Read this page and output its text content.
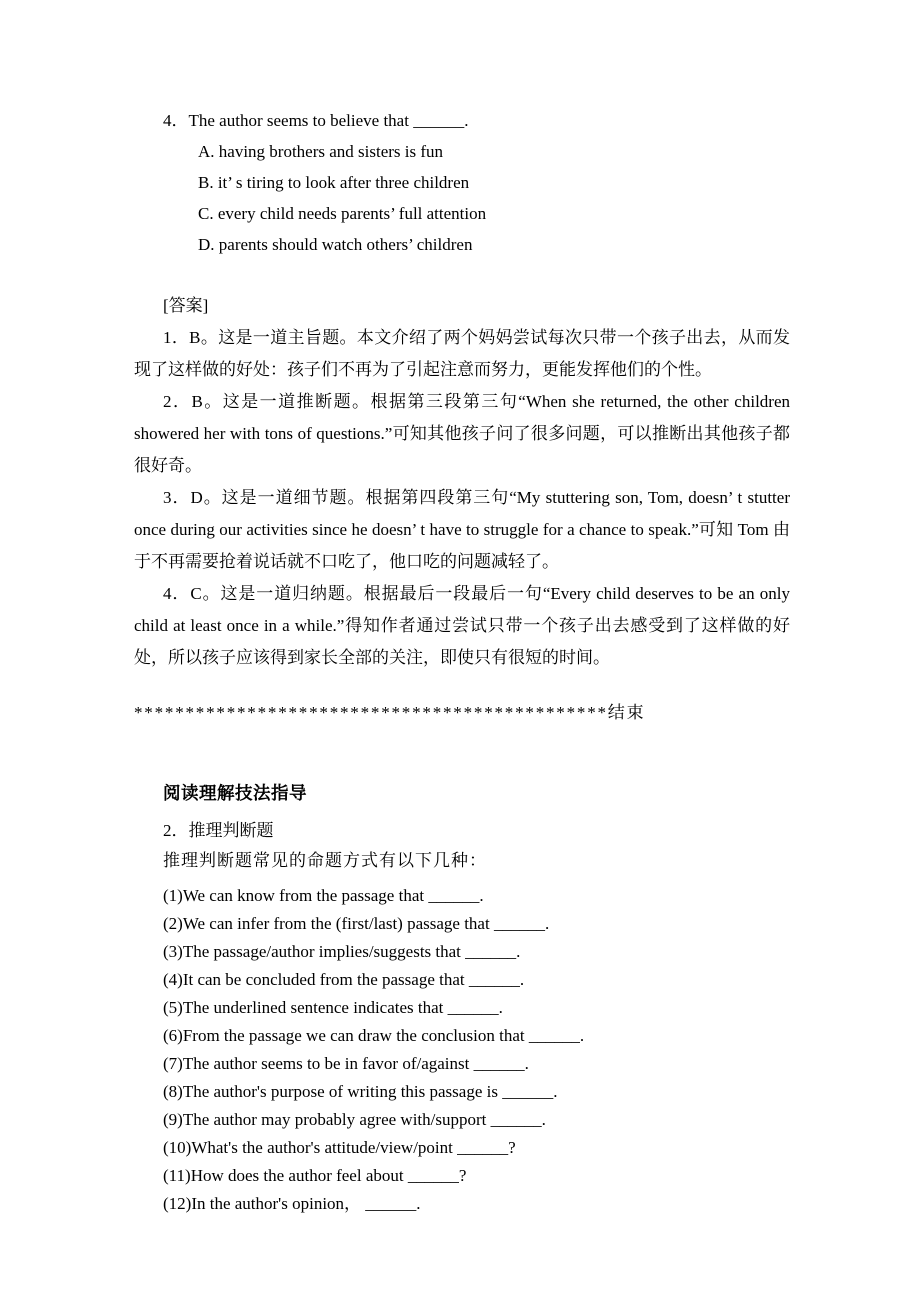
4．The author seems to believe that ______.

A. having brothers and sisters is fun

B. it’ s tiring to look after three children

C. every child needs parents’ full attention

D. parents should watch others’ children

[答案]

1．B。这是一道主旨题。本文介绍了两个妈妈尝试每次只带一个孩子出去，从而发现了这样做的好处：孩子们不再为了引起注意而努力，更能发挥他们的个性。

2．B。这是一道推断题。根据第三段第三句“When she returned, the other children showered her with tons of questions.”可知其他孩子问了很多问题，可以推断出其他孩子都很好奇。

3．D。这是一道细节题。根据第四段第三句“My stuttering son, Tom, doesn’ t stutter once during our activities since he doesn’ t have to struggle for a chance to speak.”可知 Tom 由于不再需要抢着说话就不口吃了，他口吃的问题减轻了。

4．C。这是一道归纳题。根据最后一段最后一句“Every child deserves to be an only child at least once in a while.”得知作者通过尝试只带一个孩子出去感受到了这样做的好处，所以孩子应该得到家长全部的关注，即使只有很短的时间。

**********************************************结束

阅读理解技法指导

2．推理判断题

推理判断题常见的命题方式有以下几种：

(1)We can know from the passage that ______.

(2)We can infer from the (first/last) passage that ______.

(3)The passage/author implies/suggests that ______.

(4)It can be concluded from the passage that ______.

(5)The underlined sentence indicates that ______.

(6)From the passage we can draw the conclusion that ______.

(7)The author seems to be in favor of/against ______.

(8)The author's purpose of writing this passage is ______.

(9)The author may probably agree with/support ______.

(10)What's the author's attitude/view/point ______?

(11)How does the author feel about ______?

(12)In the author's opinion， ______.
